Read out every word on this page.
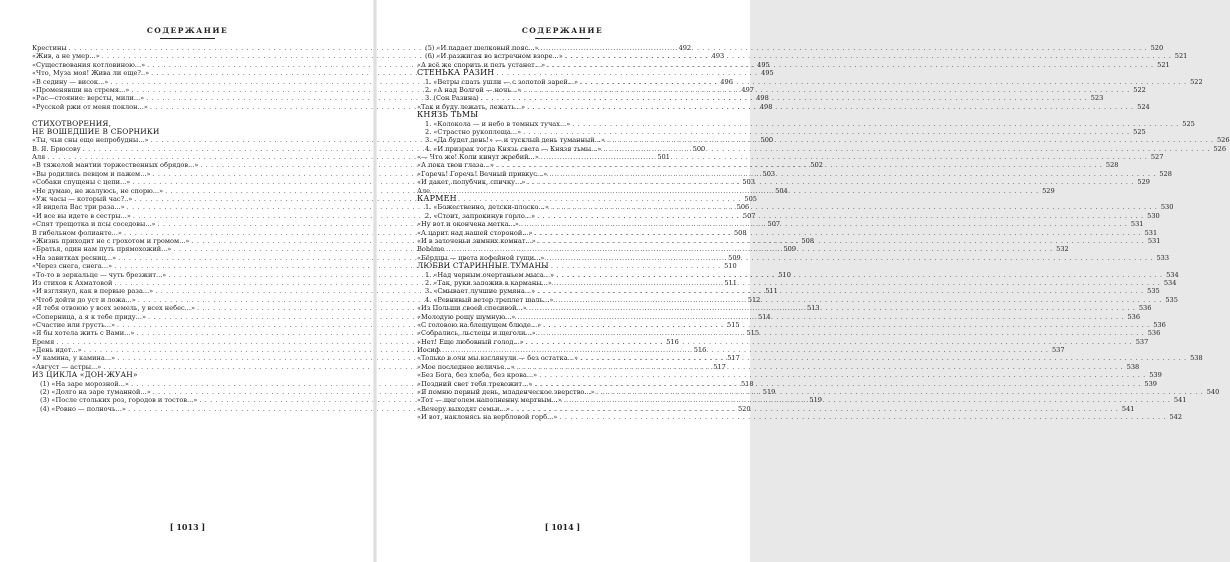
СОДЕРЖАНИЕ
Крестины . . .	492
«Жив, а не умер...» . . .	493
«Существования котловиною...» . . .	495
«Что, Муза моя! Жива ли еще?..» . . .	495
«В седину — висок...» . . .	496
«Променявши на стремя...» . . .	497
«Рас—стояние: версты, мили...» . . .	498
«Русской ржи от меня поклон...» . . .	498
СТИХОТВОРЕНИЯ,
НЕ ВОШЕДШИЕ В СБОРНИКИ
«Ты, чьи сны еще непробудны...» . . .	500
В. Я. Брюсову . . .	500
Аля . . .	501
«В тяжелой мантии торжественных обрядов...» . . .	502
«Вы родились певцом и пажем...» . . .	503
«Собаки спущены с цепи...» . . .	503
«Не думаю, не жалуюсь, не спорю...» . . .	504
«Уж часы — который час?..» . . .	505
«Я видела Вас три раза...» . . .	506
«И все вы идете в сестры...» . . .	507
«Спят трещотка и псы соседовы...» . . .	507
В гибельном фолианте...» . . .	508
«Жизнь приходит не с грохотом и громом...» . . .	508
«Братья, один нам путь прямохожий...» . . .	509
«На завитках ресниц...» . . .	509
«Через снега, снега...» . . .	510
«То-то в зеркальце — чуть брезжит...» . . .	510
Из стихов к Ахматовой . . .	511
«И взглянул, как в первые раза...» . . .	511
«Чтоб дойти до уст и ложа...» . . .	512
«Я тебя отвоюю у всех земель, у всех небес...» . . .	513
«Соперница, а я к тебе приду...» . . .	514
«Счастие или грусть...» . . .	515
«Я бы хотела жить с Вами...» . . .	515
Еремя . . .	516
«День идет...» . . .	516
«У камина, у камина...» . . .	517
«Август — астры...» . . .	517
ИЗ ЦИКЛА «ДОН-ЖУАН»
(1) «На заре морозной...» . . .	518
(2) «Долго на заре туманной...» . . .	519
(3) «После стольких роз, городов и тостов...» . . .	519
(4) «Ровно — полночь...» . . .	520
[ 1013 ]
СОДЕРЖАНИЕ
(5) «И падает шелковый пояс...» . . .	520
(6) «И разжигая во встречном взоре...» . . .	521
«А всё же спорить и петь устанет...» . . .	521
СТЕНЬКА РАЗИН
1. «Ветры спать ушли — с золотой зарей...» . . .	522
2. «А над Волгой — ночь...» . . .	522
3. (Сон Разина) . . .	523
«Так и буду лежать, лежать...» . . .	524
КНЯЗЬ ТЬМЫ
1. «Колокола — и небо в темных тучах...» . . .	525
2. «Страстно рукоплеща...» . . .	525
3. «Да будет день!» — и тусклый день туманный...» . . .	526
4. «И призрак тогда Князь света — Князя тьмы...» . . .	526
«— Что же! Коли кинут жребий...» . . .	527
«А пока твои глаза...» . . .	528
«Горечь! Горечь! Вечный привкус...» . . .	528
«И дакет, полубчик, спичку...» . . .	529
Але . . .	529
КАРМЕН
1. «Божественно, детски-плоско...» . . .	530
2. «Стоит, запрокинув горло...» . . .	530
«Ну вот и окончена метка...» . . .	531
«А царит над нашей стороной...» . . .	531
«И в заточеньи зимних комнат...» . . .	531
Bohême . . .	532
«Бёрдцы — цвета кофейной гущи...» . . .	533
ЛЮБВИ СТАРИННЫЕ ТУМАНЫ
1. «Над черным очертаньем мыса...» . . .	534
2. «Так, руки заложив в карманы...» . . .	534
3. «Смывает лучшие румяна...» . . .	535
4. «Ревнивый ветер треплет шаль...» . . .	535
«Из Польши своей спесивой...» . . .	536
«Молодую рощу шумную...» . . .	536
«С головою на блещущем блюде...» . . .	536
«Собрались, льстецы и щеголи...» . . .	536
«Нет! Еще любовный голод...» . . .	537
Иосиф . . .	537
«Только в очи мы взглянули — без остатка...» . . .	538
«Мое последнее величье...» . . .	538
«Без Бога, без хлеба, без крова...» . . .	539
«Поздний свет тебя тревожит...» . . .	539
«Я помню первый день, младенческое зверство...» . . .	540
«Тот — щеголем наполненну мертвым...» . . .	541
«Вечеру выходят семьи...» . . .	541
«И вот, наклонясь на вербловой горб...» . . .	542
[ 1014 ]
